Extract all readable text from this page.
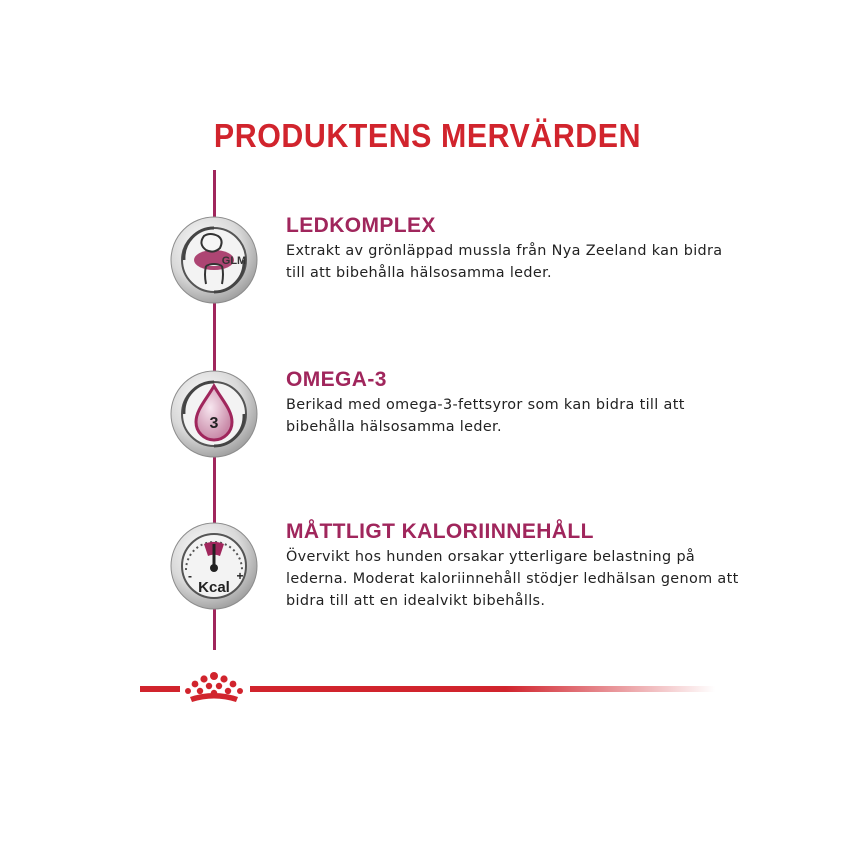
PRODUKTENS MERVÄRDEN
GLM
LEDKOMPLEX
Extrakt av grönläppad mussla från Nya Zeeland kan bidra till att bibehålla hälsosamma leder.
3
OMEGA-3
Berikad med omega-3-fettsyror som kan bidra till att bibehålla hälsosamma leder.
-	+
Kcal
MÅTTLIGT KALORIINNEHÅLL
Övervikt hos hunden orsakar ytterligare belastning på lederna. Moderat kaloriinnehåll stödjer ledhälsan genom att bidra till att en idealvikt bibehålls.
